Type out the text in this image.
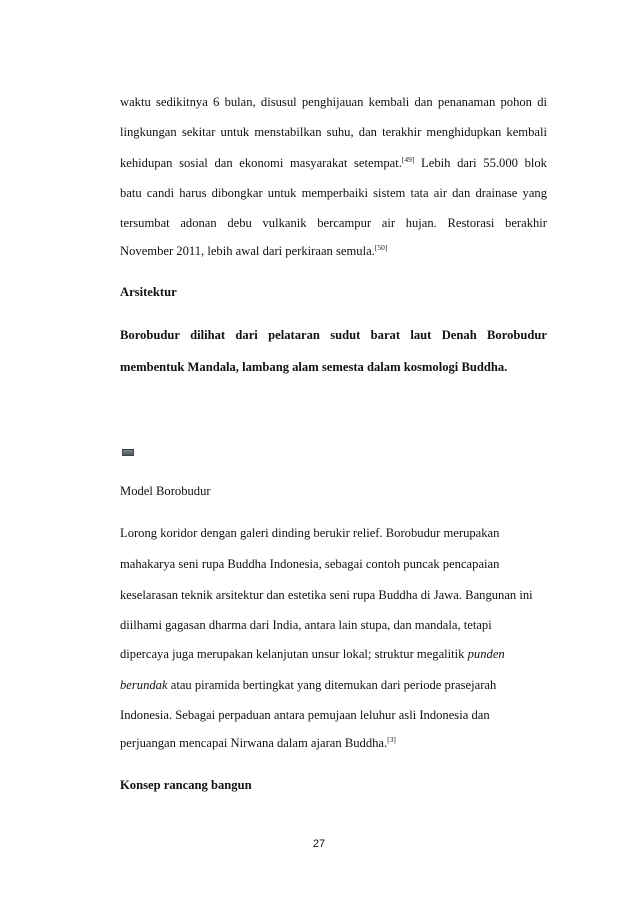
waktu sedikitnya 6 bulan, disusul penghijauan kembali dan penanaman pohon di
lingkungan sekitar untuk menstabilkan suhu, dan terakhir menghidupkan kembali
kehidupan sosial dan ekonomi masyarakat setempat.[49] Lebih dari 55.000 blok
batu candi harus dibongkar untuk memperbaiki sistem tata air dan drainase yang
tersumbat adonan debu vulkanik bercampur air hujan. Restorasi berakhir
November 2011, lebih awal dari perkiraan semula.[50]
Arsitektur
Borobudur dilihat dari pelataran sudut barat laut Denah Borobudur
membentuk Mandala, lambang alam semesta dalam kosmologi Buddha.
Model Borobudur
Lorong koridor dengan galeri dinding berukir relief. Borobudur merupakan
mahakarya seni rupa Buddha Indonesia, sebagai contoh puncak pencapaian
keselarasan teknik arsitektur dan estetika seni rupa Buddha di Jawa. Bangunan ini
diilhami gagasan dharma dari India, antara lain stupa, dan mandala, tetapi
dipercaya juga merupakan kelanjutan unsur lokal; struktur megalitik punden
berundak atau piramida bertingkat yang ditemukan dari periode prasejarah
Indonesia. Sebagai perpaduan antara pemujaan leluhur asli Indonesia dan
perjuangan mencapai Nirwana dalam ajaran Buddha.[3]
Konsep rancang bangun
27
